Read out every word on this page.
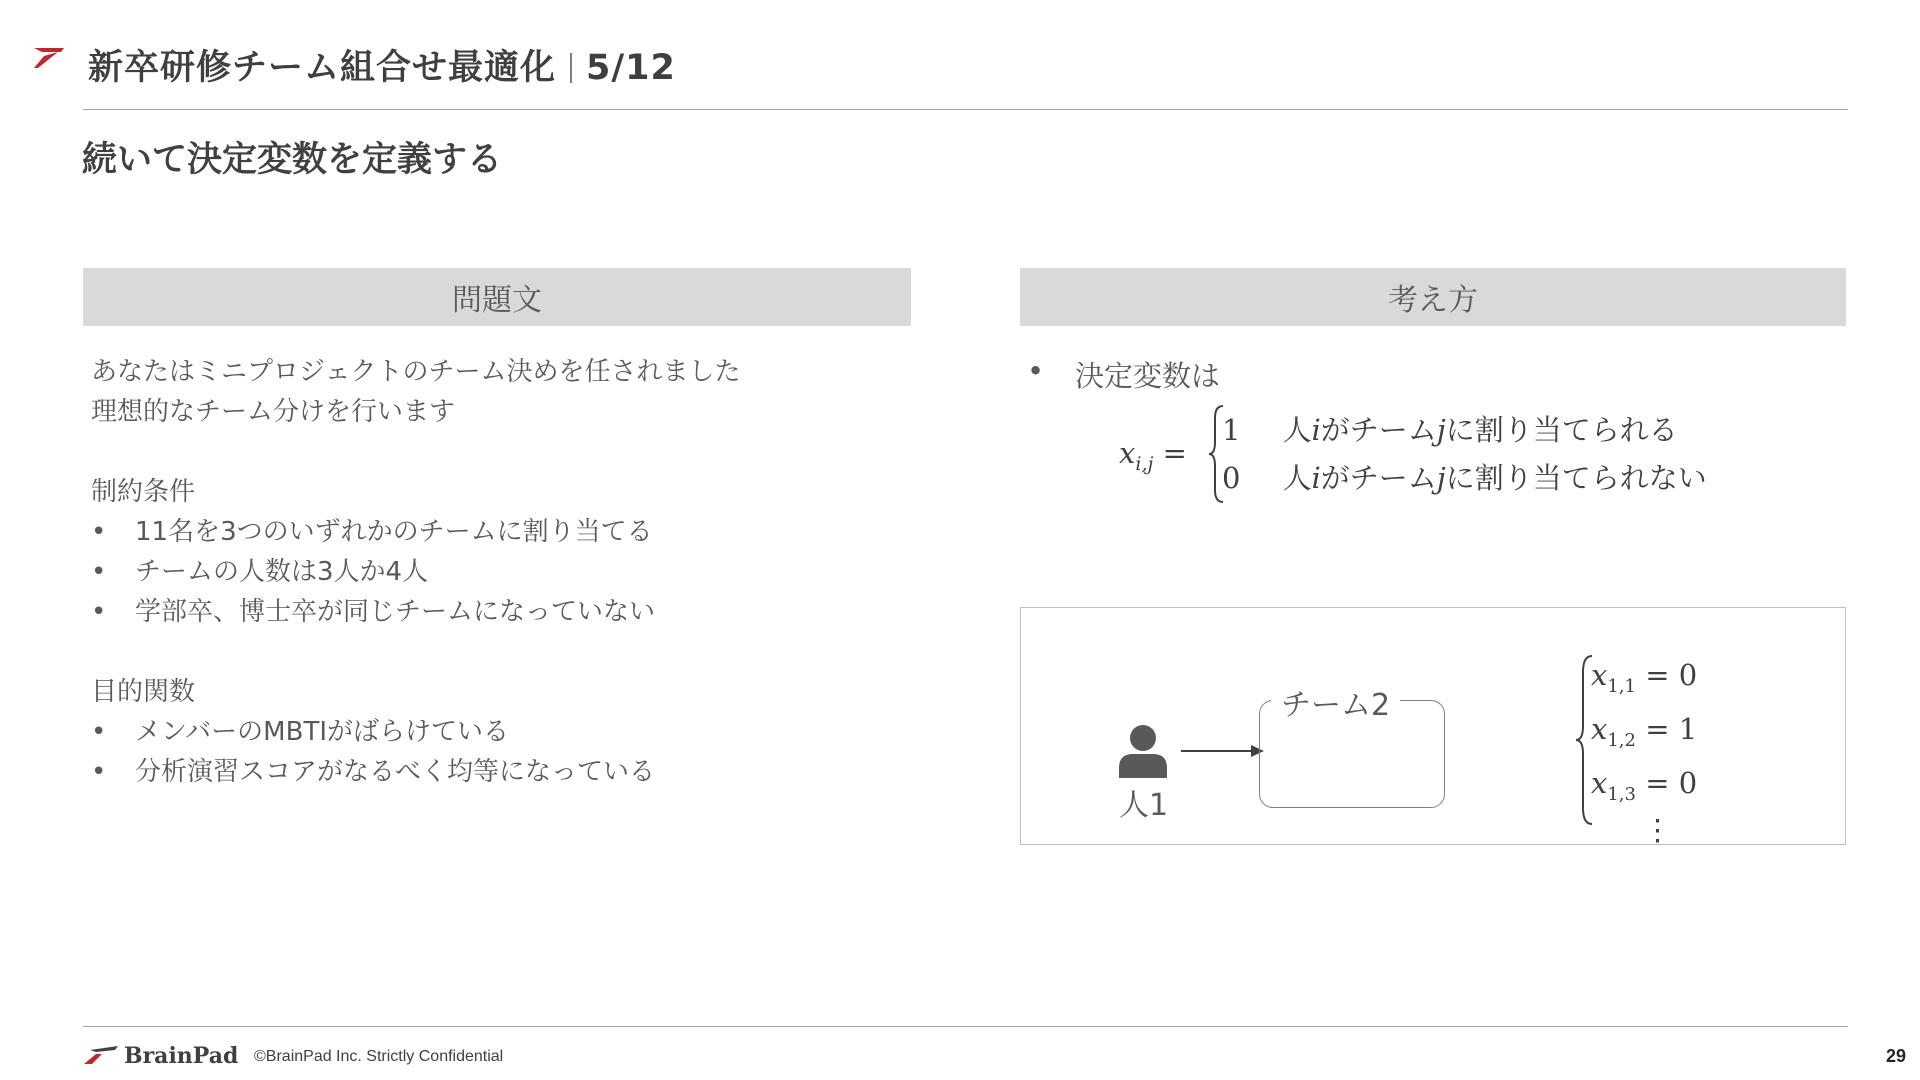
新卒研修チーム組合せ最適化 5/12
続いて決定変数を定義する
問題文
あなたはミニプロジェクトのチーム決めを任されました
理想的なチーム分けを行います
制約条件
•	11名を3つのいずれかのチームに割り当てる
•	チームの人数は3人か4人
•	学部卒、博士卒が同じチームになっていない
目的関数
•	メンバーのMBTIがばらけている
•	分析演習スコアがなるべく均等になっている
考え方
•	決定変数は
$x_{i,j}$ =
1 人iがチームjに割り当てられる
0 人iがチームjに割り当てられない
人1
チーム2
$x_{1,1} = 0$
$x_{1,2} = 1$
$x_{1,3} = 0$
⋮
BrainPad ©BrainPad Inc. Strictly Confidential	29
